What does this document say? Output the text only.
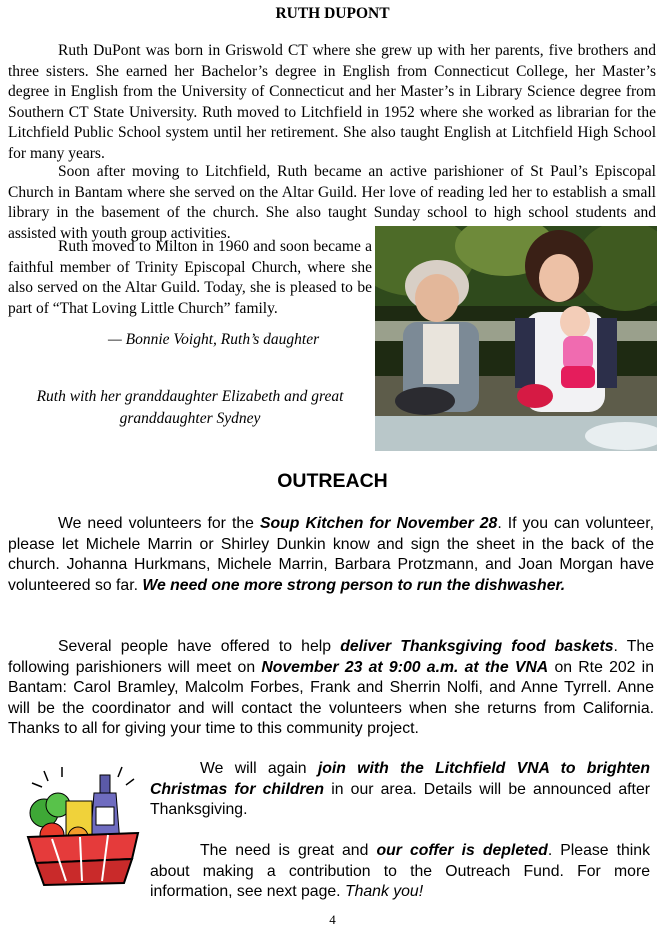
RUTH DUPONT

Ruth DuPont was born in Griswold CT where she grew up with her parents, five brothers and three sisters. She earned her Bachelor’s degree in English from Connecticut College, her Master’s degree in English from the University of Connecticut and her Master’s in Library Science degree from Southern CT State University. Ruth moved to Litchfield in 1952 where she worked as librarian for the Litchfield Public School system until her retirement. She also taught English at Litchfield High School for many years.

Soon after moving to Litchfield, Ruth became an active parishioner of St Paul’s Episcopal Church in Bantam where she served on the Altar Guild. Her love of reading led her to establish a small library in the basement of the church. She also taught Sunday school to high school students and assisted with youth group activities.

Ruth moved to Milton in 1960 and soon became a faithful member of Trinity Episcopal Church, where she also served on the Altar Guild. Today, she is pleased to be part of “That Loving Little Church” family.

— Bonnie Voight, Ruth’s daughter
Ruth with her granddaughter Elizabeth and great granddaughter Sydney
OUTREACH

We need volunteers for the Soup Kitchen for November 28. If you can volunteer, please let Michele Marrin or Shirley Dunkin know and sign the sheet in the back of the church. Johanna Hurkmans, Michele Marrin, Barbara Protzmann, and Joan Morgan have volunteered so far. We need one more strong person to run the dishwasher.

Several people have offered to help deliver Thanksgiving food baskets. The following parishioners will meet on November 23 at 9:00 a.m. at the VNA on Rte 202 in Bantam: Carol Bramley, Malcolm Forbes, Frank and Sherrin Nolfi, and Anne Tyrrell. Anne will be the coordinator and will contact the volunteers when she returns from California. Thanks to all for giving your time to this community project.

We will again join with the Litchfield VNA to brighten Christmas for children in our area. Details will be announced after Thanksgiving.

The need is great and our coffer is depleted. Please think about making a contribution to the Outreach Fund. For more information, see next page. Thank you!

4
